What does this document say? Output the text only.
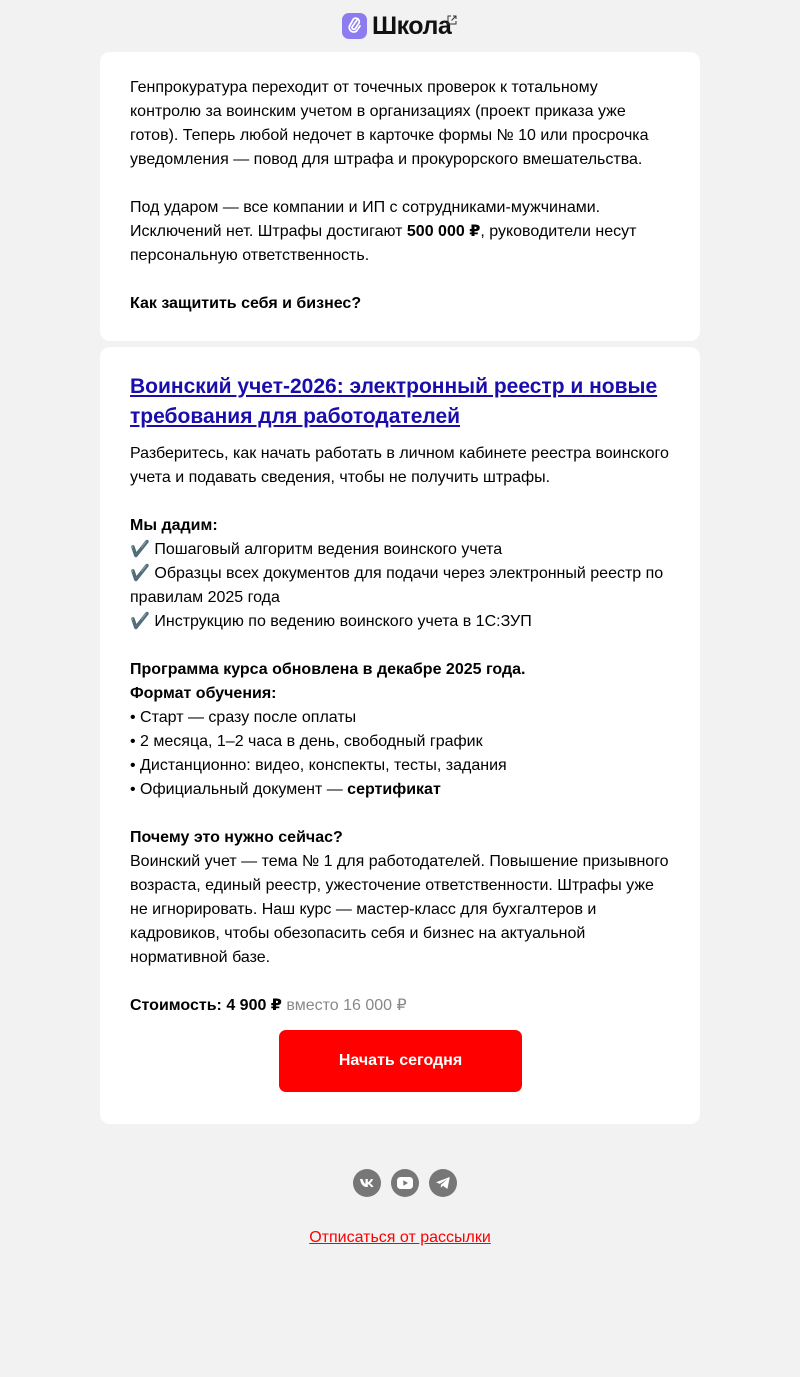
Школа

Генпрокуратура переходит от точечных проверок к тотальному контролю за воинским учетом в организациях (проект приказа уже готов). Теперь любой недочет в карточке формы № 10 или просрочка уведомления — повод для штрафа и прокурорского вмешательства.

Под ударом — все компании и ИП с сотрудниками-мужчинами. Исключений нет. Штрафы достигают 500 000 ₽, руководители несут персональную ответственность.

Как защитить себя и бизнес?

Воинский учет-2026: электронный реестр и новые требования для работодателей

Разберитесь, как начать работать в личном кабинете реестра воинского учета и подавать сведения, чтобы не получить штрафы.

Мы дадим:

✔️ Пошаговый алгоритм ведения воинского учета

✔️ Образцы всех документов для подачи через электронный реестр по правилам 2025 года

✔️ Инструкцию по ведению воинского учета в 1С:ЗУП

Программа курса обновлена в декабре 2025 года.

Формат обучения:

• Старт — сразу после оплаты

• 2 месяца, 1–2 часа в день, свободный график

• Дистанционно: видео, конспекты, тесты, задания

• Официальный документ — сертификат

Почему это нужно сейчас?

Воинский учет — тема № 1 для работодателей. Повышение призывного возраста, единый реестр, ужесточение ответственности. Штрафы уже не игнорировать. Наш курс — мастер-класс для бухгалтеров и кадровиков, чтобы обезопасить себя и бизнес на актуальной нормативной базе.

Стоимость: 4 900 ₽ вместо 16 000 ₽

Начать сегодня
Отписаться от рассылки
